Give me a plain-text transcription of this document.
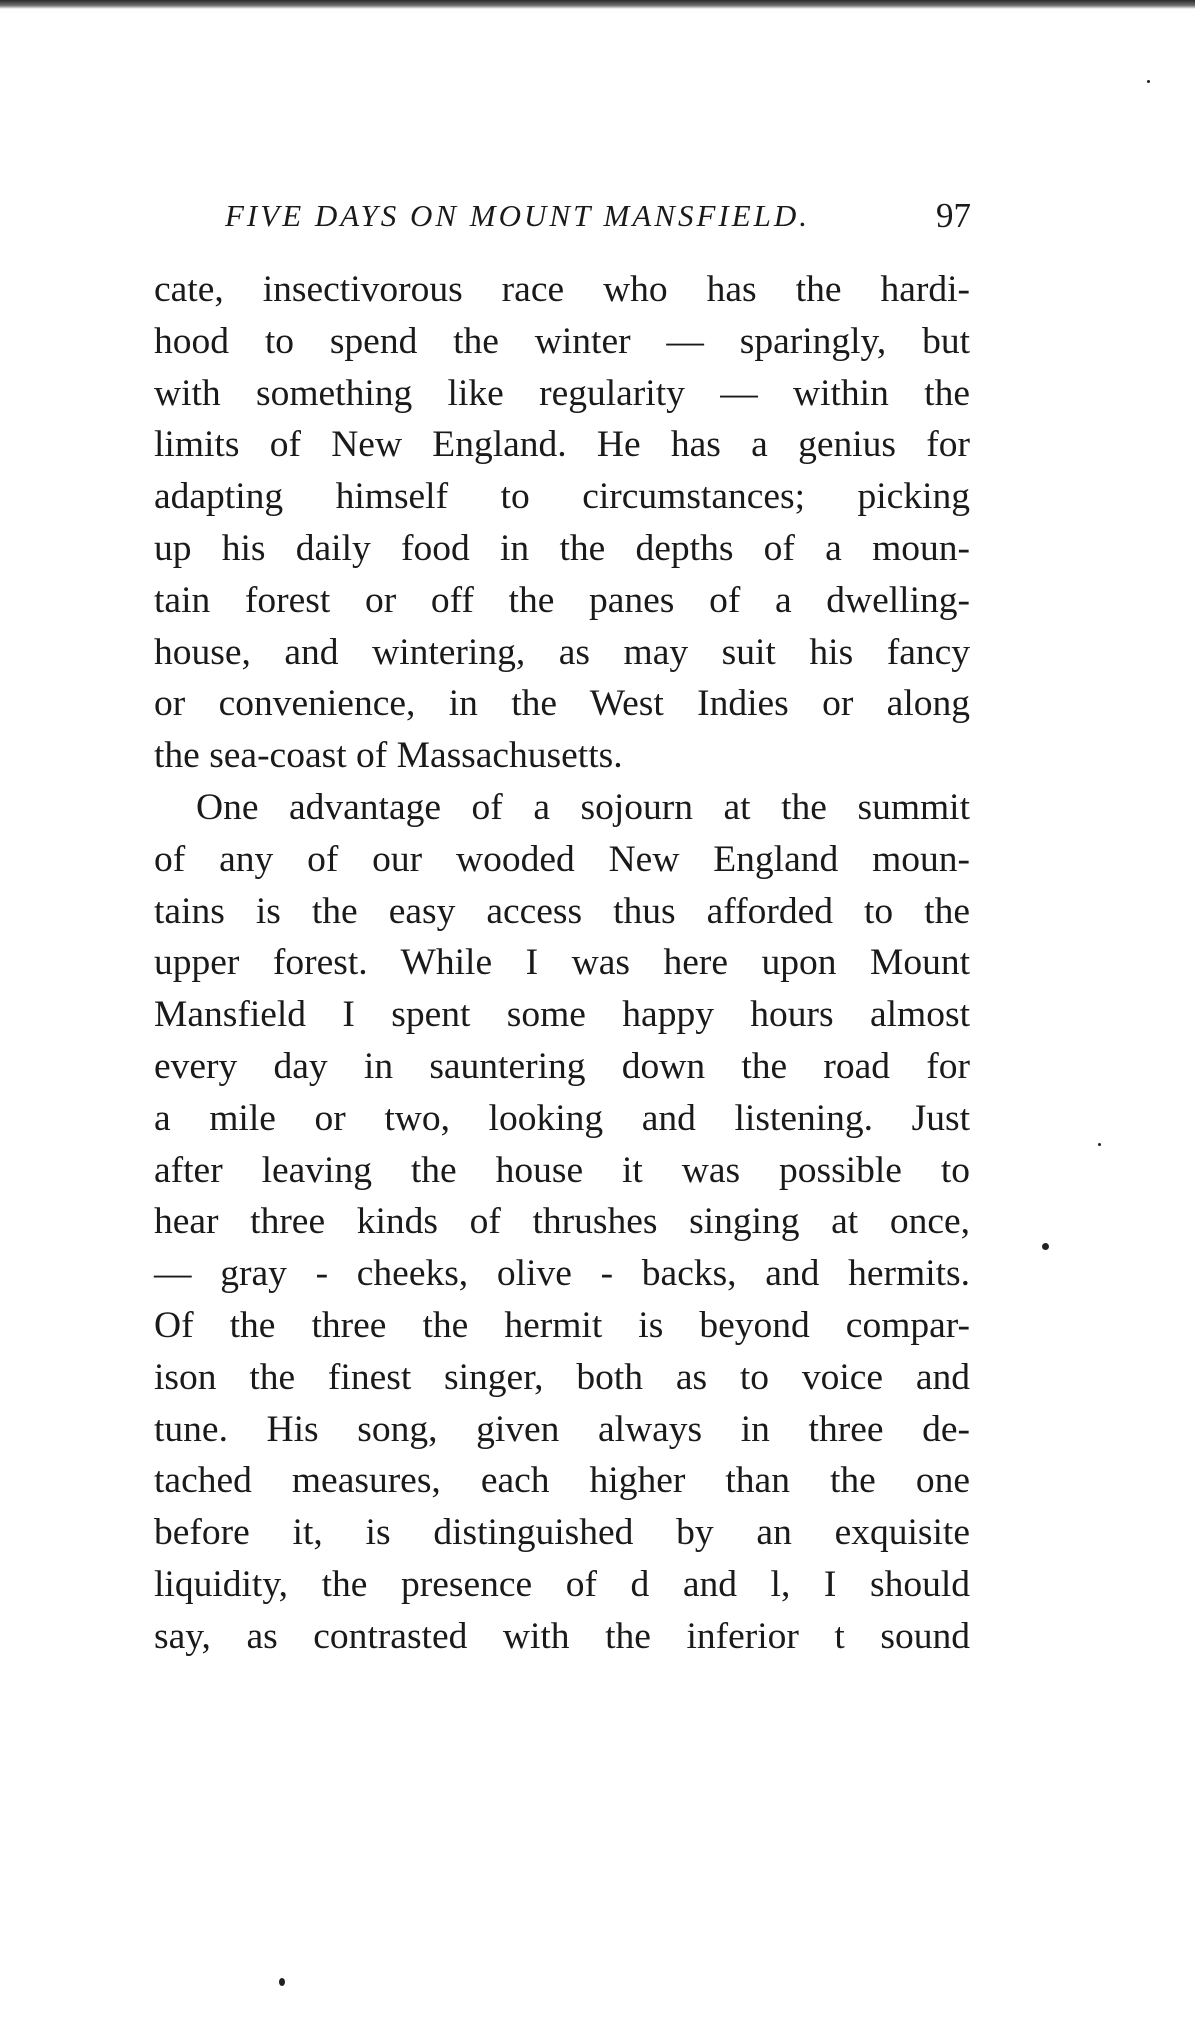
FIVE DAYS ON MOUNT MANSFIELD.	97
cate, insectivorous race who has the hardi-
hood to spend the winter — sparingly, but
with something like regularity — within the
limits of New England. He has a genius for
adapting himself to circumstances; picking
up his daily food in the depths of a moun-
tain forest or off the panes of a dwelling-
house, and wintering, as may suit his fancy
or convenience, in the West Indies or along
the sea-coast of Massachusetts.
One advantage of a sojourn at the summit
of any of our wooded New England moun-
tains is the easy access thus afforded to the
upper forest. While I was here upon Mount
Mansfield I spent some happy hours almost
every day in sauntering down the road for
a mile or two, looking and listening. Just
after leaving the house it was possible to
hear three kinds of thrushes singing at once,
— gray - cheeks, olive - backs, and hermits.
Of the three the hermit is beyond compar-
ison the finest singer, both as to voice and
tune. His song, given always in three de-
tached measures, each higher than the one
before it, is distinguished by an exquisite
liquidity, the presence of d and l, I should
say, as contrasted with the inferior t sound
